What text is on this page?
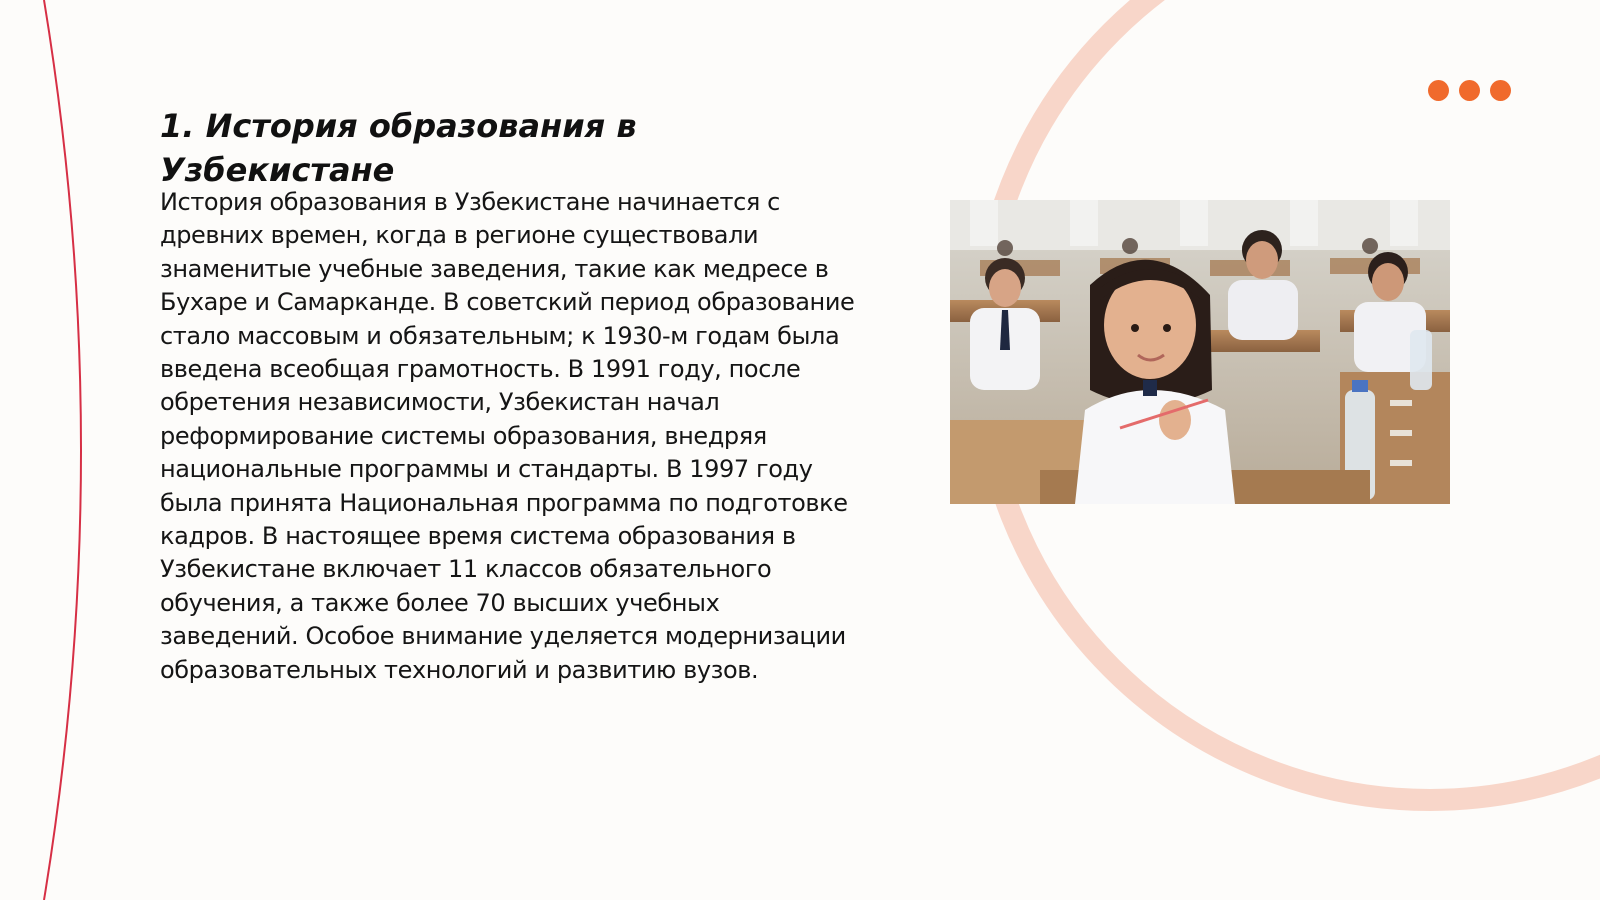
1. История образования в Узбекистане

История образования в Узбекистане начинается с древних времен, когда в регионе существовали знаменитые учебные заведения, такие как медресе в Бухаре и Самарканде. В советский период образование стало массовым и обязательным; к 1930-м годам была введена всеобщая грамотность. В 1991 году, после обретения независимости, Узбекистан начал реформирование системы образования, внедряя национальные программы и стандарты. В 1997 году была принята Национальная программа по подготовке кадров. В настоящее время система образования в Узбекистане включает 11 классов обязательного обучения, а также более 70 высших учебных заведений. Особое внимание уделяется модернизации образовательных технологий и развитию вузов.
